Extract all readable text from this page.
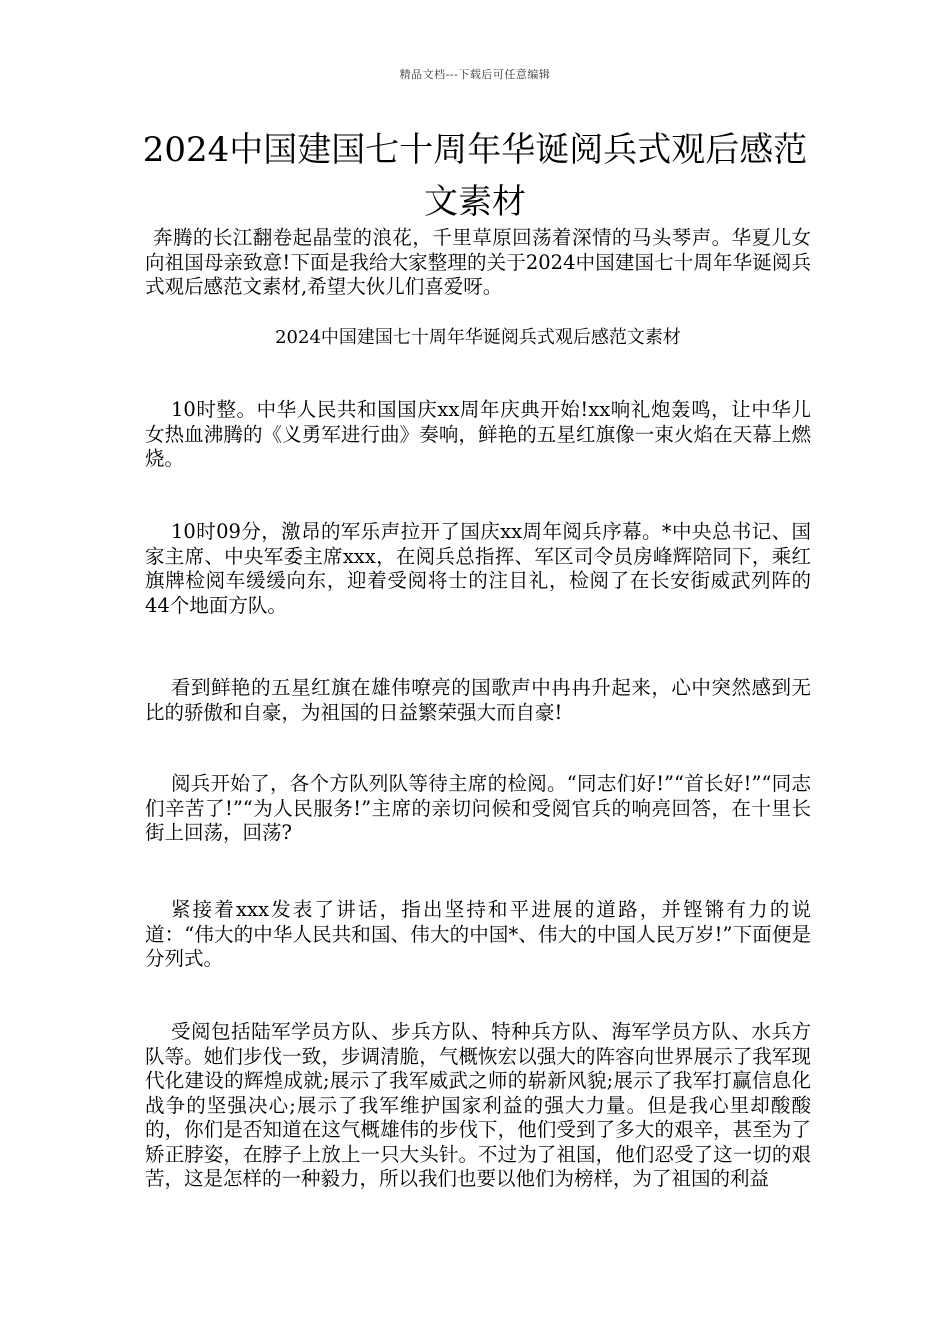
精品文档---下载后可任意编辑
2024中国建国七十周年华诞阅兵式观后感范文素材

奔腾的长江翻卷起晶莹的浪花，千里草原回荡着深情的马头琴声。华夏儿女向祖国母亲致意!下面是我给大家整理的关于2024中国建国七十周年华诞阅兵式观后感范文素材,希望大伙儿们喜爱呀。

2024中国建国七十周年华诞阅兵式观后感范文素材

10时整。中华人民共和国国庆xx周年庆典开始!xx响礼炮轰鸣，让中华儿女热血沸腾的《义勇军进行曲》奏响，鲜艳的五星红旗像一束火焰在天幕上燃烧。

10时09分，激昂的军乐声拉开了国庆xx周年阅兵序幕。*中央总书记、国家主席、中央军委主席xxx，在阅兵总指挥、军区司令员房峰辉陪同下，乘红旗牌检阅车缓缓向东，迎着受阅将士的注目礼，检阅了在长安街威武列阵的44个地面方队。

看到鲜艳的五星红旗在雄伟嘹亮的国歌声中冉冉升起来，心中突然感到无比的骄傲和自豪，为祖国的日益繁荣强大而自豪!

阅兵开始了，各个方队列队等待主席的检阅。“同志们好!”“首长好!”“同志们辛苦了!”“为人民服务!”主席的亲切问候和受阅官兵的响亮回答，在十里长街上回荡，回荡?

紧接着xxx发表了讲话，指出坚持和平进展的道路，并铿锵有力的说道：“伟大的中华人民共和国、伟大的中国*、伟大的中国人民万岁!”下面便是分列式。

受阅包括陆军学员方队、步兵方队、特种兵方队、海军学员方队、水兵方队等。她们步伐一致，步调清脆，气概恢宏以强大的阵容向世界展示了我军现代化建设的辉煌成就;展示了我军威武之师的崭新风貌;展示了我军打赢信息化战争的坚强决心;展示了我军维护国家利益的强大力量。但是我心里却酸酸的，你们是否知道在这气概雄伟的步伐下，他们受到了多大的艰辛，甚至为了矫正脖姿，在脖子上放上一只大头针。不过为了祖国，他们忍受了这一切的艰苦，这是怎样的一种毅力，所以我们也要以他们为榜样，为了祖国的利益
